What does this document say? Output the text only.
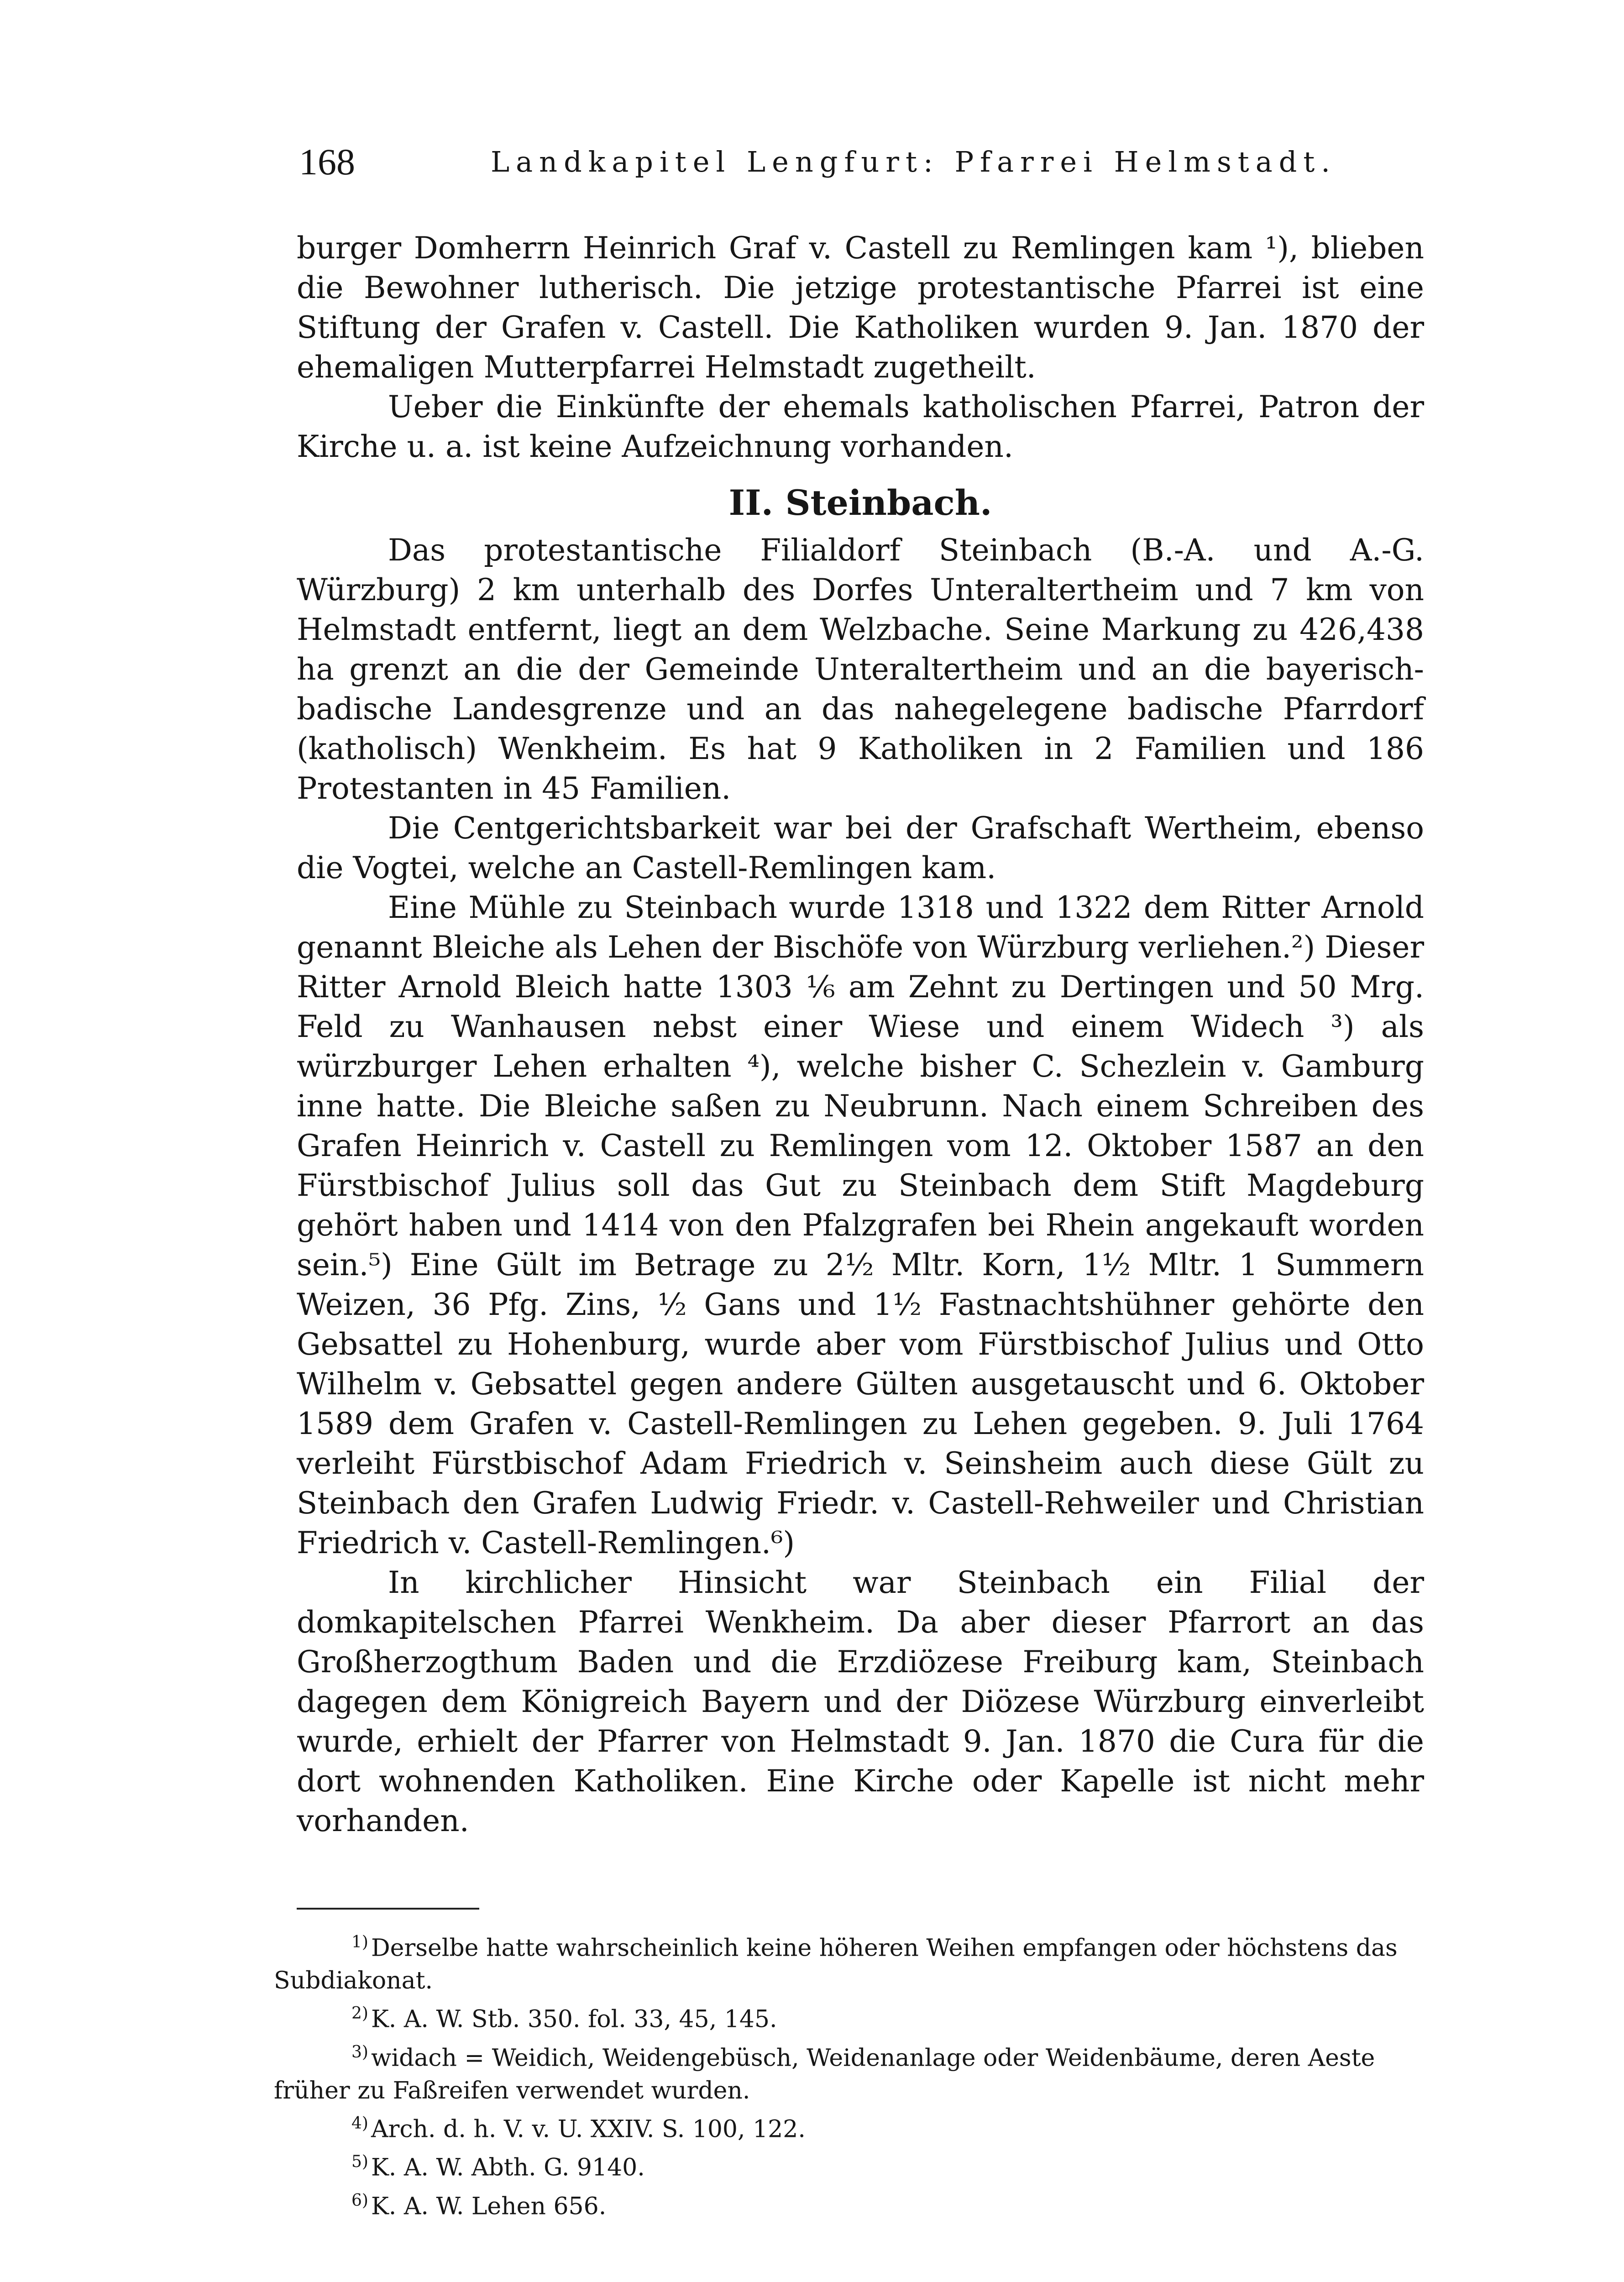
168	Landkapitel Lengfurt: Pfarrei Helmstadt.

burger Domherrn Heinrich Graf v. Castell zu Remlingen kam ¹), blieben die Bewohner lutherisch. Die jetzige protestantische Pfarrei ist eine Stiftung der Grafen v. Castell. Die Katholiken wurden 9. Jan. 1870 der ehemaligen Mutterpfarrei Helmstadt zugetheilt.

Ueber die Einkünfte der ehemals katholischen Pfarrei, Patron der Kirche u. a. ist keine Aufzeichnung vorhanden.

II. Steinbach.

Das protestantische Filialdorf Steinbach (B.-A. und A.-G. Würzburg) 2 km unterhalb des Dorfes Unteraltertheim und 7 km von Helmstadt entfernt, liegt an dem Welzbache. Seine Markung zu 426,438 ha grenzt an die der Gemeinde Unteraltertheim und an die bayerisch-badische Landesgrenze und an das nahegelegene badische Pfarrdorf (katholisch) Wenkheim. Es hat 9 Katholiken in 2 Familien und 186 Protestanten in 45 Familien.

Die Centgerichtsbarkeit war bei der Grafschaft Wertheim, ebenso die Vogtei, welche an Castell-Remlingen kam.

Eine Mühle zu Steinbach wurde 1318 und 1322 dem Ritter Arnold genannt Bleiche als Lehen der Bischöfe von Würzburg verliehen.²) Dieser Ritter Arnold Bleich hatte 1303 ¹⁄₆ am Zehnt zu Dertingen und 50 Mrg. Feld zu Wanhausen nebst einer Wiese und einem Widech ³) als würzburger Lehen erhalten ⁴), welche bisher C. Schezlein v. Gamburg inne hatte. Die Bleiche saßen zu Neubrunn. Nach einem Schreiben des Grafen Heinrich v. Castell zu Remlingen vom 12. Oktober 1587 an den Fürstbischof Julius soll das Gut zu Steinbach dem Stift Magdeburg gehört haben und 1414 von den Pfalzgrafen bei Rhein angekauft worden sein.⁵) Eine Gült im Betrage zu 2½ Mltr. Korn, 1½ Mltr. 1 Summern Weizen, 36 Pfg. Zins, ½ Gans und 1½ Fastnachtshühner gehörte den Gebsattel zu Hohenburg, wurde aber vom Fürstbischof Julius und Otto Wilhelm v. Gebsattel gegen andere Gülten ausgetauscht und 6. Oktober 1589 dem Grafen v. Castell-Remlingen zu Lehen gegeben. 9. Juli 1764 verleiht Fürstbischof Adam Friedrich v. Seinsheim auch diese Gült zu Steinbach den Grafen Ludwig Friedr. v. Castell-Rehweiler und Christian Friedrich v. Castell-Remlingen.⁶)

In kirchlicher Hinsicht war Steinbach ein Filial der domkapitelschen Pfarrei Wenkheim. Da aber dieser Pfarrort an das Großherzogthum Baden und die Erzdiözese Freiburg kam, Steinbach dagegen dem Königreich Bayern und der Diözese Würzburg einverleibt wurde, erhielt der Pfarrer von Helmstadt 9. Jan. 1870 die Cura für die dort wohnenden Katholiken. Eine Kirche oder Kapelle ist nicht mehr vorhanden.

$^{1)}$ Derselbe hatte wahrscheinlich keine höheren Weihen empfangen oder höchstens das Subdiakonat.

$^{2)}$ K. A. W. Stb. 350. fol. 33, 45, 145.

$^{3)}$ widach = Weidich, Weidengebüsch, Weidenanlage oder Weidenbäume, deren Aeste früher zu Faßreifen verwendet wurden.

$^{4)}$ Arch. d. h. V. v. U. XXIV. S. 100, 122.

$^{5)}$ K. A. W. Abth. G. 9140.

$^{6)}$ K. A. W. Lehen 656.
